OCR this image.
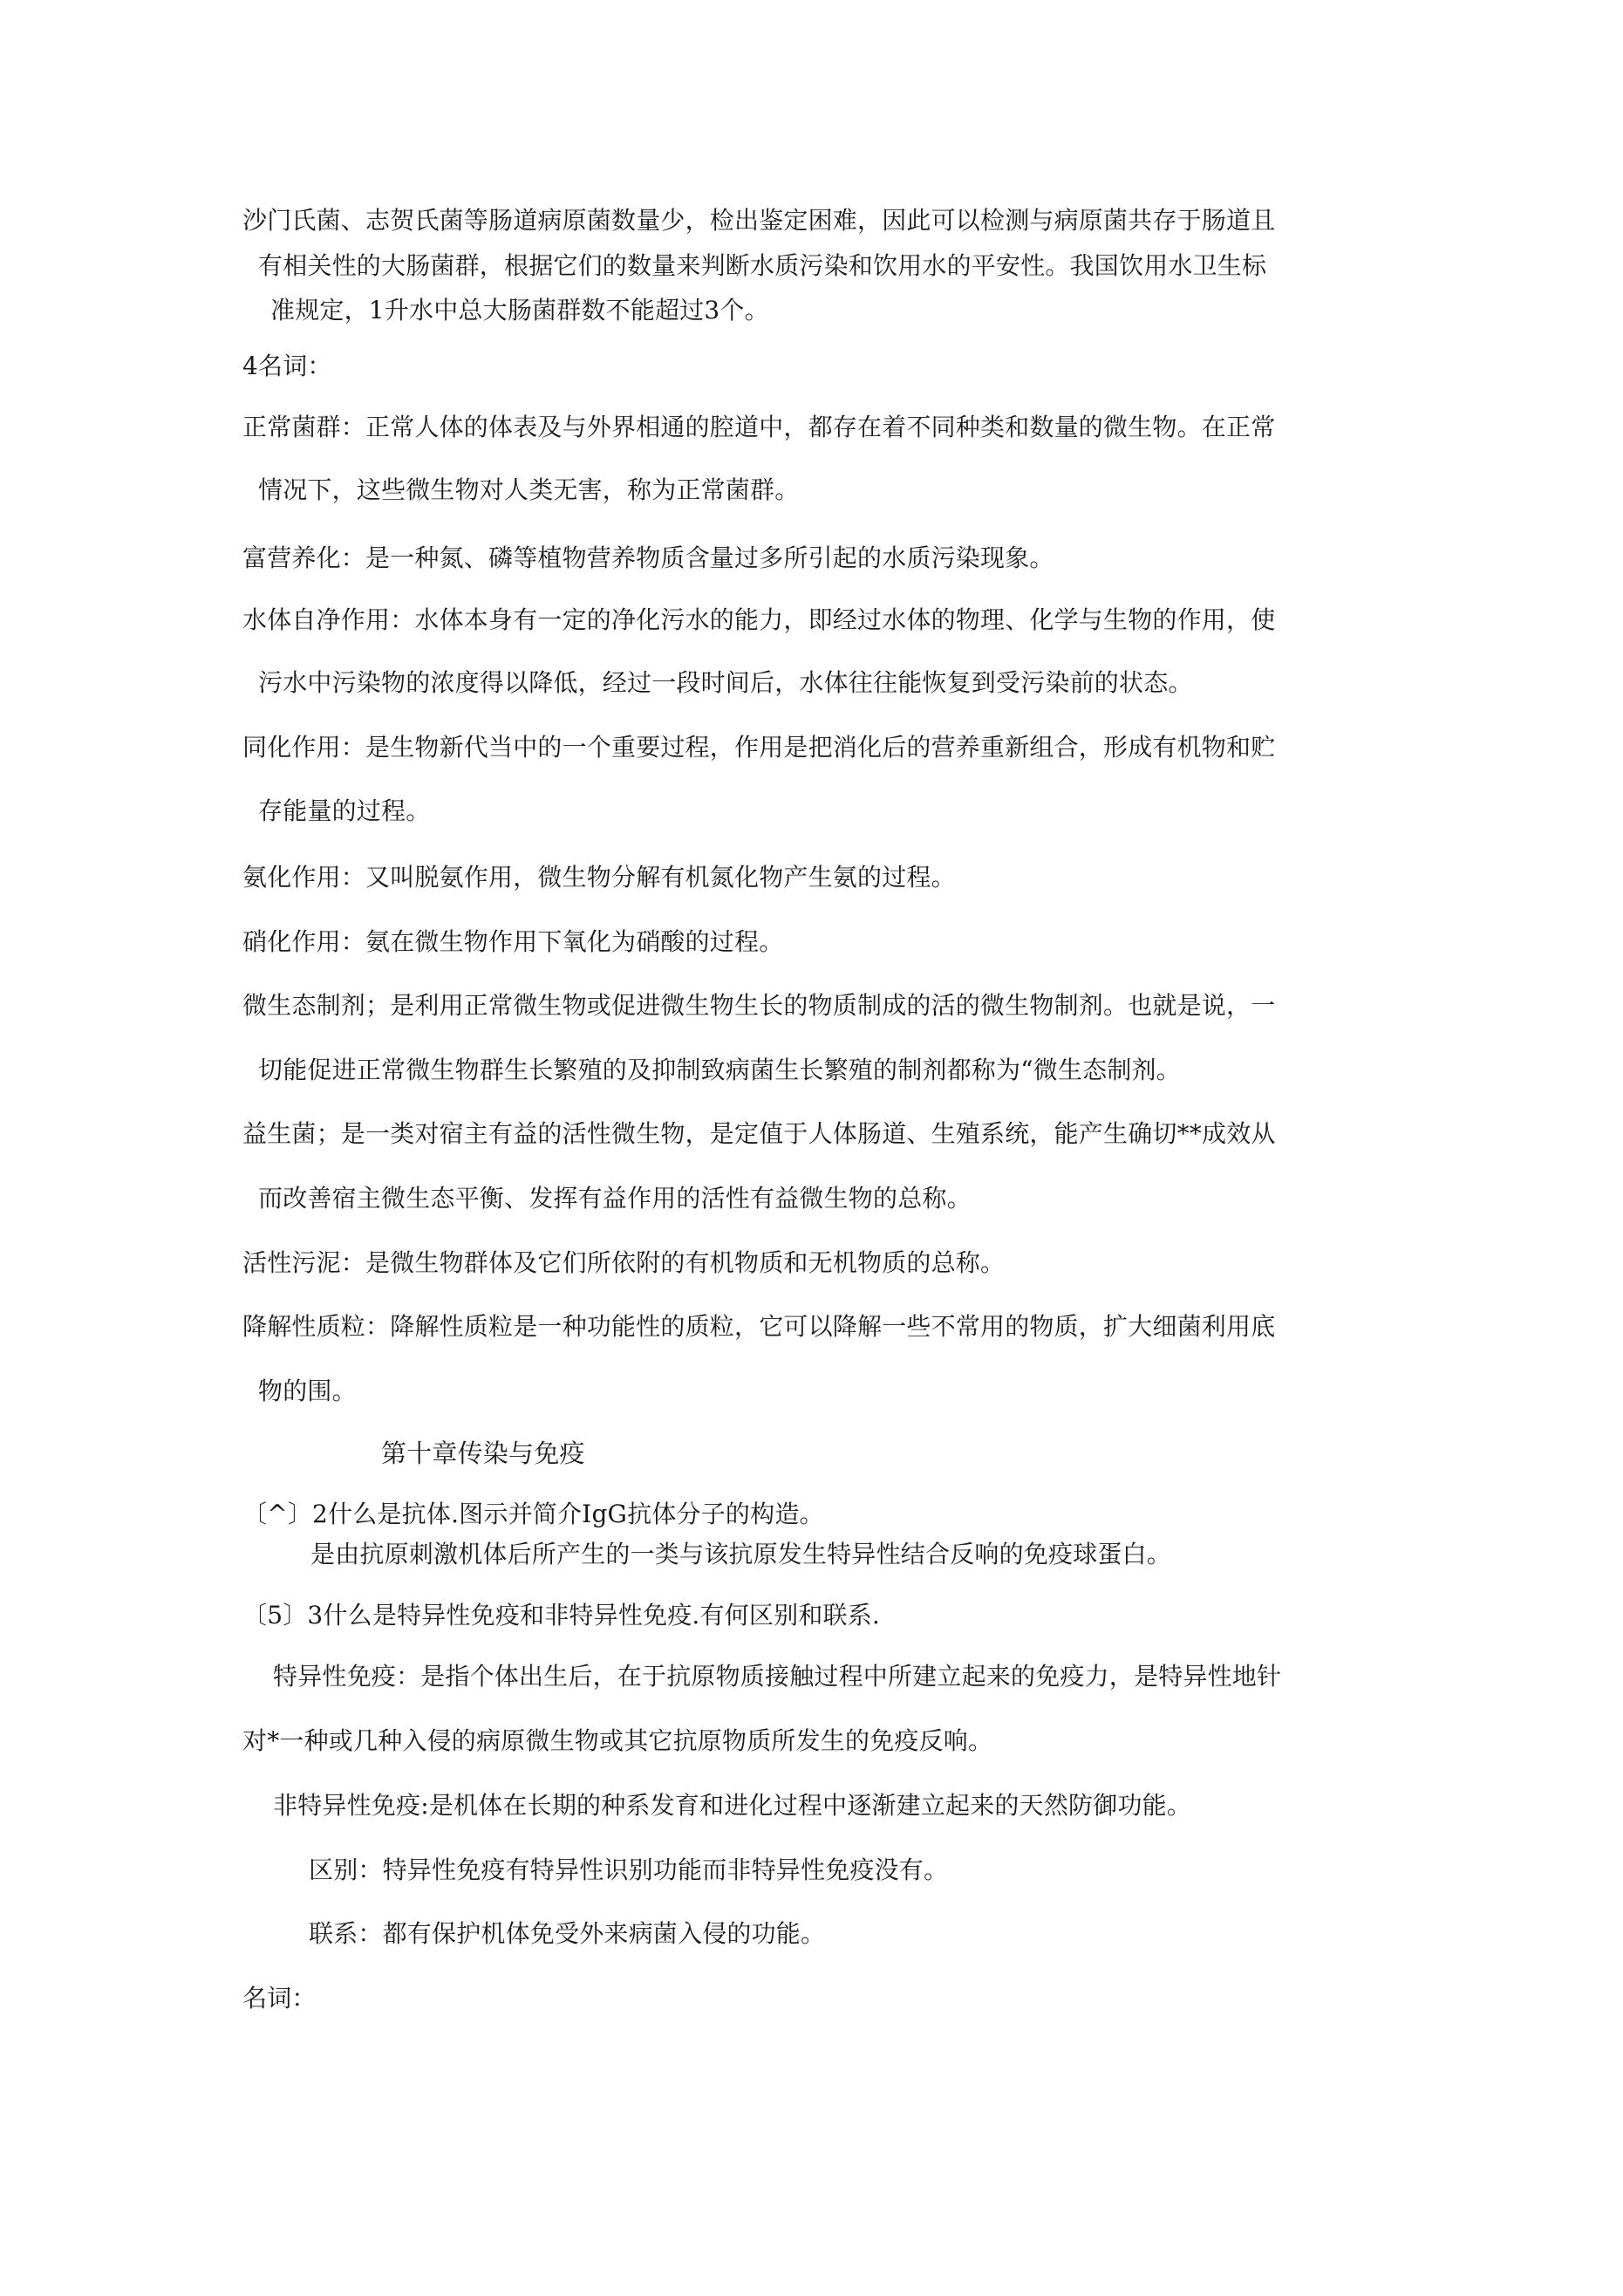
沙门氏菌、志贺氏菌等肠道病原菌数量少，检出鉴定困难，因此可以检测与病原菌共存于肠道且

有相关性的大肠菌群，根据它们的数量来判断水质污染和饮用水的平安性。我国饮用水卫生标

准规定，1升水中总大肠菌群数不能超过3个。

4名词：

正常菌群：正常人体的体表及与外界相通的腔道中，都存在着不同种类和数量的微生物。在正常

情况下，这些微生物对人类无害，称为正常菌群。

富营养化：是一种氮、磷等植物营养物质含量过多所引起的水质污染现象。

水体自净作用：水体本身有一定的净化污水的能力，即经过水体的物理、化学与生物的作用，使

污水中污染物的浓度得以降低，经过一段时间后，水体往往能恢复到受污染前的状态。

同化作用：是生物新代当中的一个重要过程，作用是把消化后的营养重新组合，形成有机物和贮

存能量的过程。

氨化作用：又叫脱氨作用，微生物分解有机氮化物产生氨的过程。

硝化作用：氨在微生物作用下氧化为硝酸的过程。

微生态制剂；是利用正常微生物或促进微生物生长的物质制成的活的微生物制剂。也就是说，一

切能促进正常微生物群生长繁殖的及抑制致病菌生长繁殖的制剂都称为“微生态制剂。

益生菌；是一类对宿主有益的活性微生物，是定值于人体肠道、生殖系统，能产生确切**成效从

而改善宿主微生态平衡、发挥有益作用的活性有益微生物的总称。

活性污泥：是微生物群体及它们所依附的有机物质和无机物质的总称。

降解性质粒：降解性质粒是一种功能性的质粒，它可以降解一些不常用的物质，扩大细菌利用底

物的围。

第十章传染与免疫

〔^〕2什么是抗体.图示并简介IgG抗体分子的构造。

是由抗原刺激机体后所产生的一类与该抗原发生特异性结合反响的免疫球蛋白。

〔5〕3什么是特异性免疫和非特异性免疫.有何区别和联系.

特异性免疫：是指个体出生后，在于抗原物质接触过程中所建立起来的免疫力，是特异性地针

对*一种或几种入侵的病原微生物或其它抗原物质所发生的免疫反响。

非特异性免疫:是机体在长期的种系发育和进化过程中逐渐建立起来的天然防御功能。

区别：特异性免疫有特异性识别功能而非特异性免疫没有。

联系：都有保护机体免受外来病菌入侵的功能。

名词：
